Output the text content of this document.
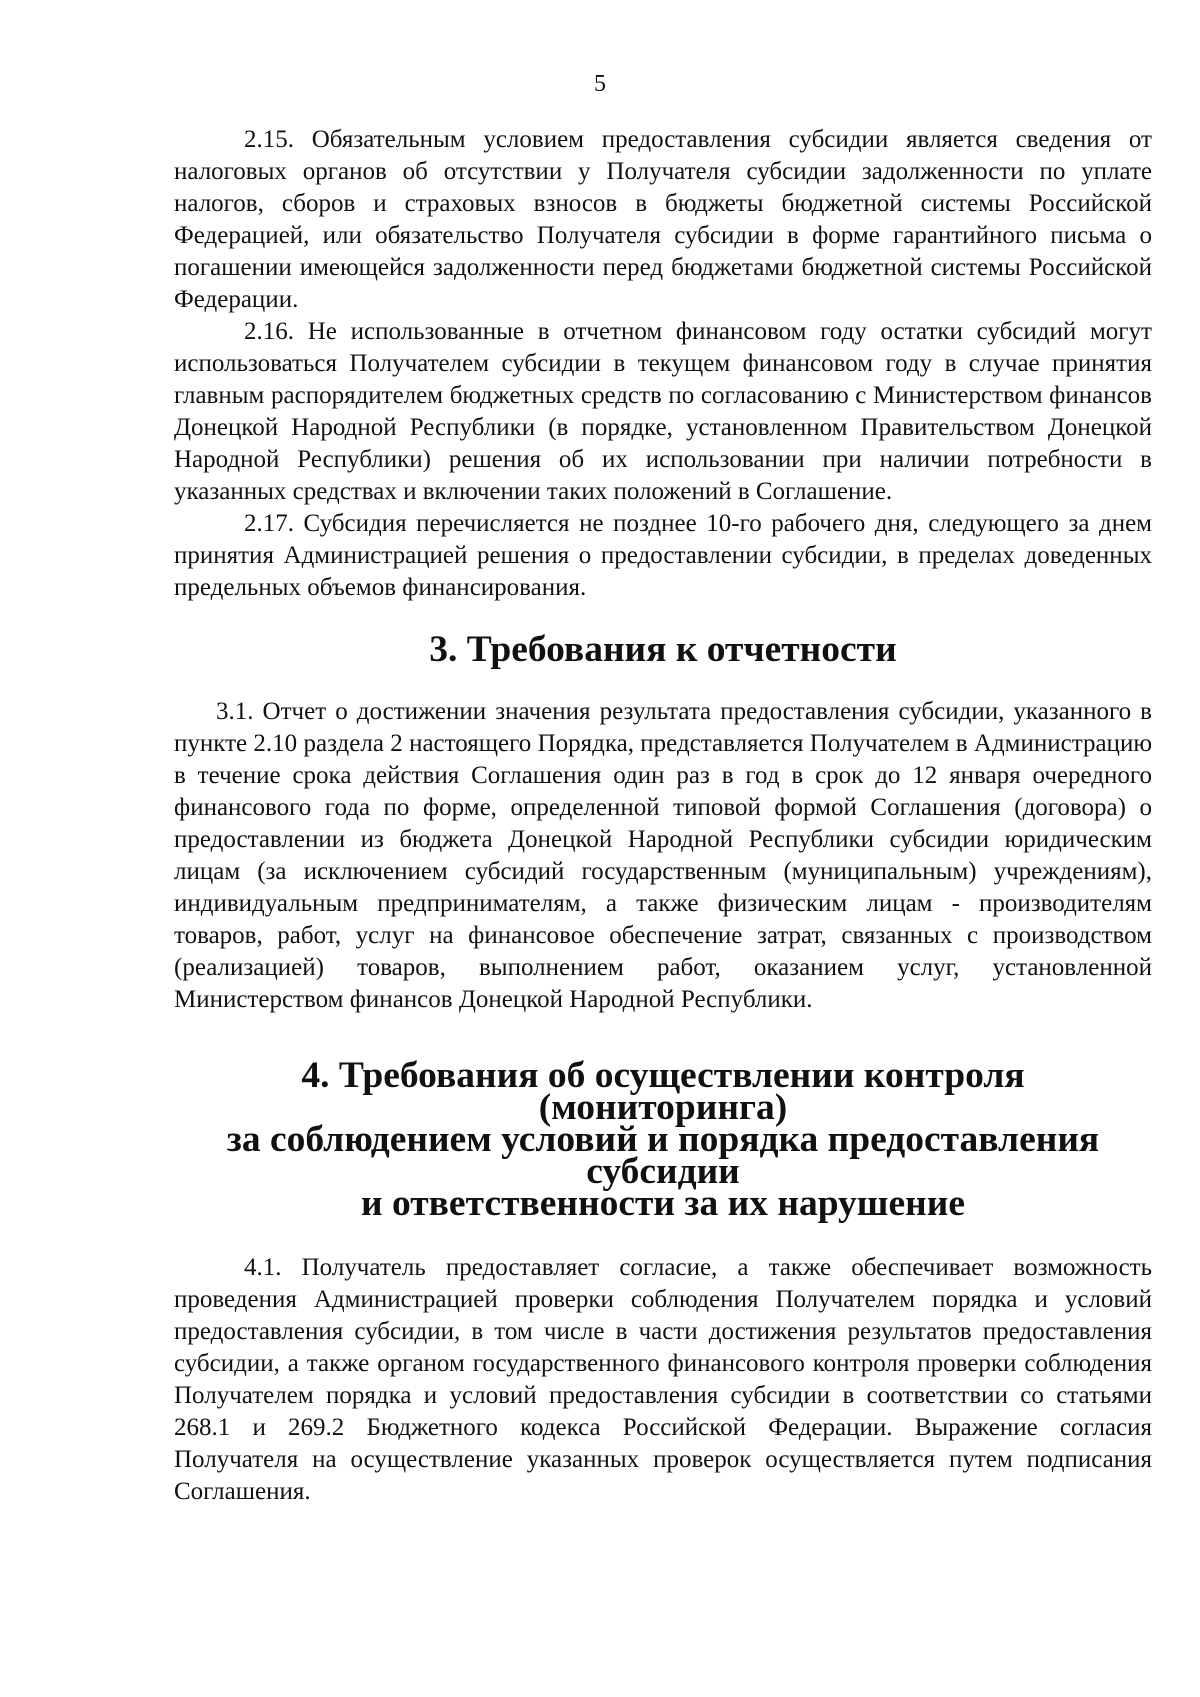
5

2.15. Обязательным условием предоставления субсидии является сведения от налоговых органов об отсутствии у Получателя субсидии задолженности по уплате налогов, сборов и страховых взносов в бюджеты бюджетной системы Российской Федерацией, или обязательство Получателя субсидии в форме гарантийного письма о погашении имеющейся задолженности перед бюджетами бюджетной системы Российской Федерации.

2.16. Не использованные в отчетном финансовом году остатки субсидий могут использоваться Получателем субсидии в текущем финансовом году в случае принятия главным распорядителем бюджетных средств по согласованию с Министерством финансов Донецкой Народной Республики (в порядке, установленном Правительством Донецкой Народной Республики) решения об их использовании при наличии потребности в указанных средствах и включении таких положений в Соглашение.

2.17. Субсидия перечисляется не позднее 10-го рабочего дня, следующего за днем принятия Администрацией решения о предоставлении субсидии, в пределах доведенных предельных объемов финансирования.

3. Требования к отчетности

3.1. Отчет о достижении значения результата предоставления субсидии, указанного в пункте 2.10 раздела 2 настоящего Порядка, представляется Получателем в Администрацию в течение срока действия Соглашения один раз в год в срок до 12 января очередного финансового года по форме, определенной типовой формой Соглашения (договора) о предоставлении из бюджета Донецкой Народной Республики субсидии юридическим лицам (за исключением субсидий государственным (муниципальным) учреждениям), индивидуальным предпринимателям, а также физическим лицам - производителям товаров, работ, услуг на финансовое обеспечение затрат, связанных с производством (реализацией) товаров, выполнением работ, оказанием услуг, установленной Министерством финансов Донецкой Народной Республики.

4. Требования об осуществлении контроля (мониторинга)
за соблюдением условий и порядка предоставления субсидии
и ответственности за их нарушение

4.1. Получатель предоставляет согласие, а также обеспечивает возможность проведения Администрацией проверки соблюдения Получателем порядка и условий предоставления субсидии, в том числе в части достижения результатов предоставления субсидии, а также органом государственного финансового контроля проверки соблюдения Получателем порядка и условий предоставления субсидии в соответствии со статьями 268.1 и 269.2 Бюджетного кодекса Российской Федерации. Выражение согласия Получателя на осуществление указанных проверок осуществляется путем подписания Соглашения.
